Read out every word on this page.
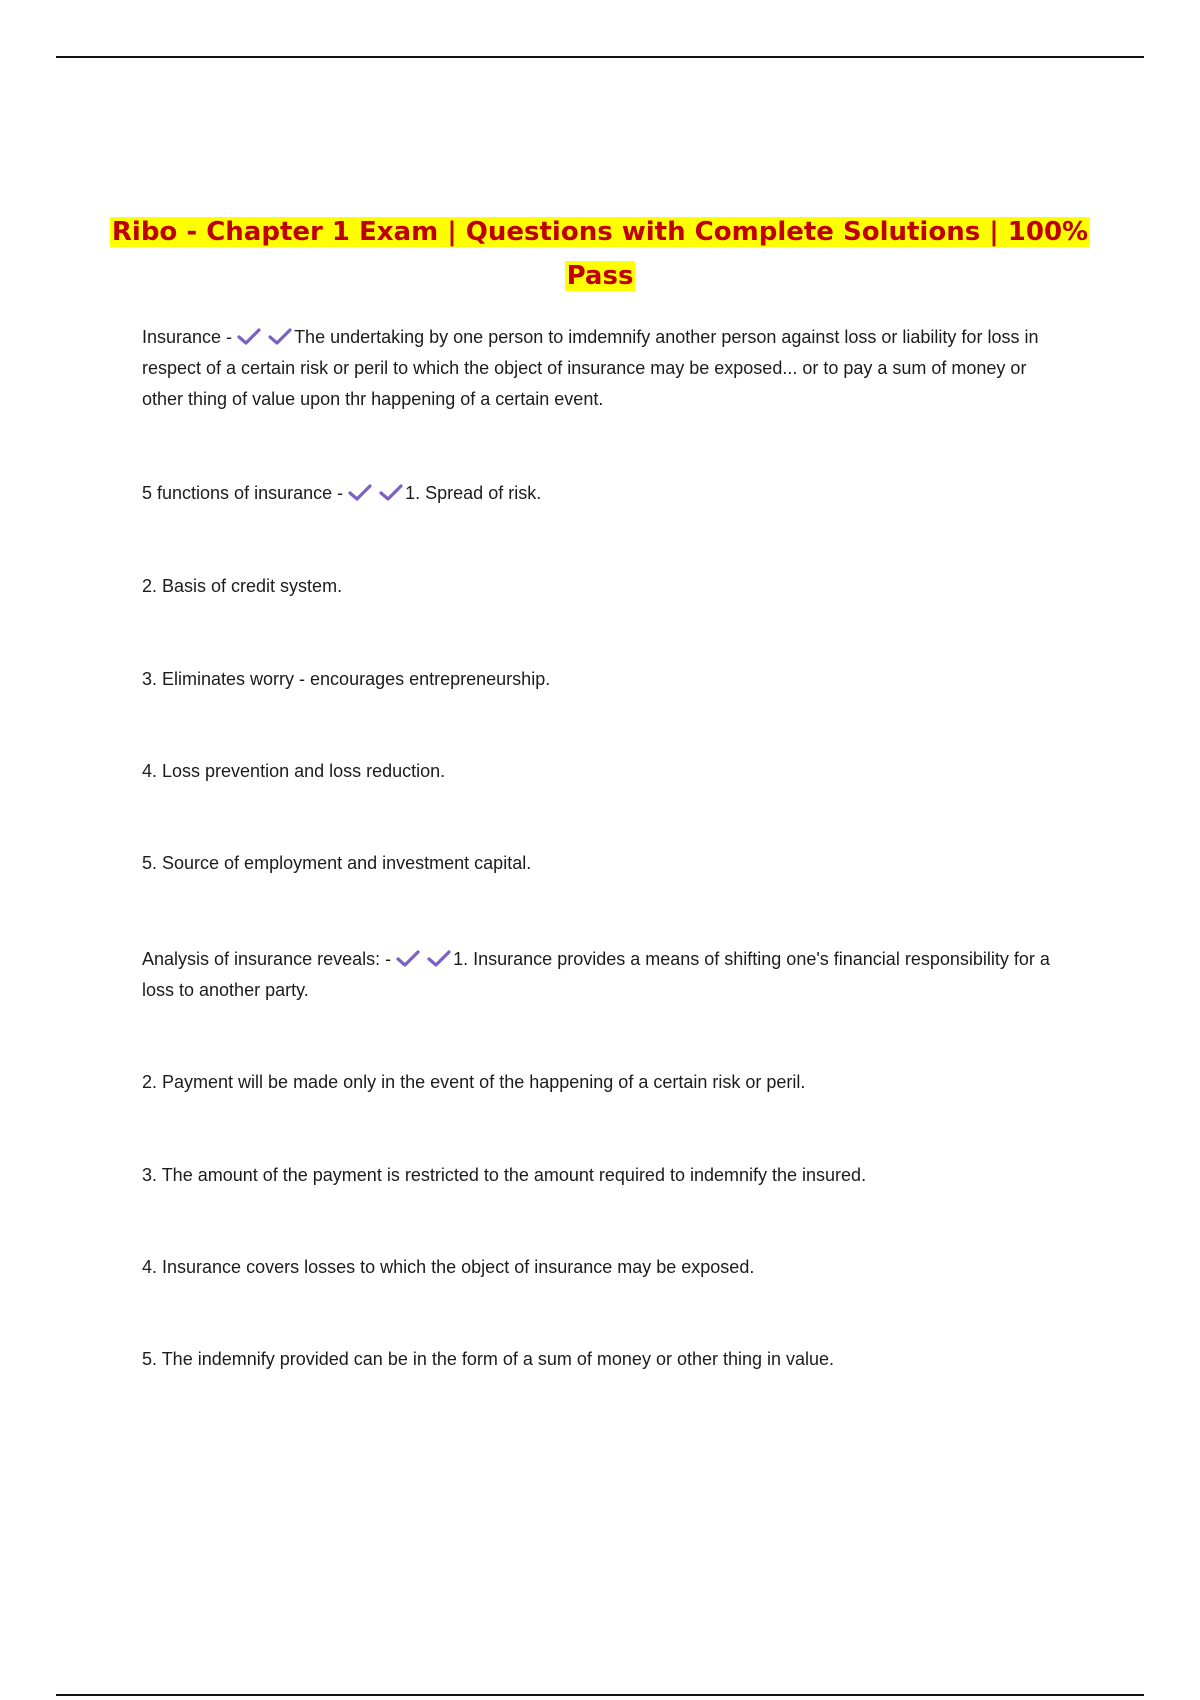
Ribo - Chapter 1 Exam | Questions with Complete Solutions | 100%
Pass

Insurance -
	The undertaking by one person to imdemnify another person against loss or liability for loss in respect of a certain risk or peril to which the object of insurance may be exposed... or to pay a sum of money or other thing of value upon thr happening of a certain event.

5 functions of insurance -
	1. Spread of risk.

2. Basis of credit system.

3. Eliminates worry - encourages entrepreneurship.

4. Loss prevention and loss reduction.

5. Source of employment and investment capital.

Analysis of insurance reveals: -
	1. Insurance provides a means of shifting one's financial responsibility for a loss to another party.

2. Payment will be made only in the event of the happening of a certain risk or peril.

3. The amount of the payment is restricted to the amount required to indemnify the insured.

4. Insurance covers losses to which the object of insurance may be exposed.

5. The indemnify provided can be in the form of a sum of money or other thing in value.
